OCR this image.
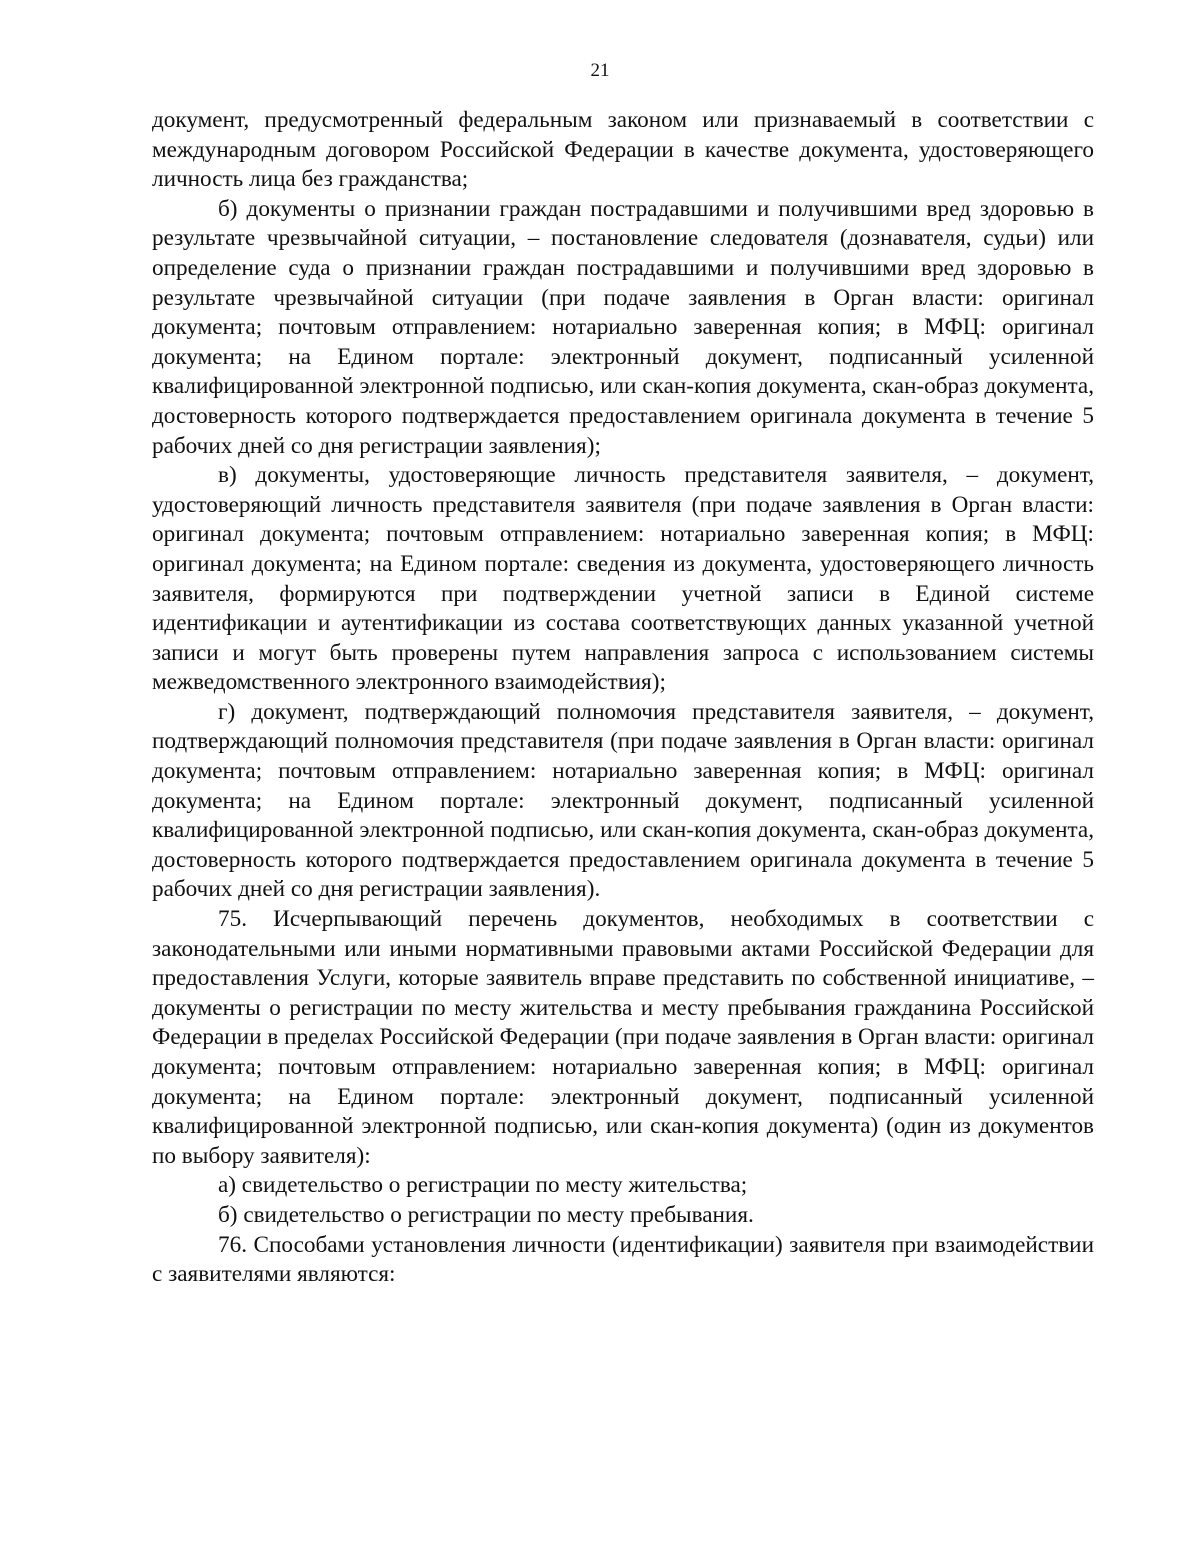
21

документ, предусмотренный федеральным законом или признаваемый в соответствии с международным договором Российской Федерации в качестве документа, удостоверяющего личность лица без гражданства;

б) документы о признании граждан пострадавшими и получившими вред здоровью в результате чрезвычайной ситуации, – постановление следователя (дознавателя, судьи) или определение суда о признании граждан пострадавшими и получившими вред здоровью в результате чрезвычайной ситуации (при подаче заявления в Орган власти: оригинал документа; почтовым отправлением: нотариально заверенная копия; в МФЦ: оригинал документа; на Едином портале: электронный документ, подписанный усиленной квалифицированной электронной подписью, или скан-копия документа, скан-образ документа, достоверность которого подтверждается предоставлением оригинала документа в течение 5 рабочих дней со дня регистрации заявления);

в) документы, удостоверяющие личность представителя заявителя, – документ, удостоверяющий личность представителя заявителя (при подаче заявления в Орган власти: оригинал документа; почтовым отправлением: нотариально заверенная копия; в МФЦ: оригинал документа; на Едином портале: сведения из документа, удостоверяющего личность заявителя, формируются при подтверждении учетной записи в Единой системе идентификации и аутентификации из состава соответствующих данных указанной учетной записи и могут быть проверены путем направления запроса с использованием системы межведомственного электронного взаимодействия);

г) документ, подтверждающий полномочия представителя заявителя, – документ, подтверждающий полномочия представителя (при подаче заявления в Орган власти: оригинал документа; почтовым отправлением: нотариально заверенная копия; в МФЦ: оригинал документа; на Едином портале: электронный документ, подписанный усиленной квалифицированной электронной подписью, или скан-копия документа, скан-образ документа, достоверность которого подтверждается предоставлением оригинала документа в течение 5 рабочих дней со дня регистрации заявления).

75. Исчерпывающий перечень документов, необходимых в соответствии с законодательными или иными нормативными правовыми актами Российской Федерации для предоставления Услуги, которые заявитель вправе представить по собственной инициативе, – документы о регистрации по месту жительства и месту пребывания гражданина Российской Федерации в пределах Российской Федерации (при подаче заявления в Орган власти: оригинал документа; почтовым отправлением: нотариально заверенная копия; в МФЦ: оригинал документа; на Едином портале: электронный документ, подписанный усиленной квалифицированной электронной подписью, или скан-копия документа) (один из документов по выбору заявителя):

а) свидетельство о регистрации по месту жительства;

б) свидетельство о регистрации по месту пребывания.

76. Способами установления личности (идентификации) заявителя при взаимодействии с заявителями являются:
